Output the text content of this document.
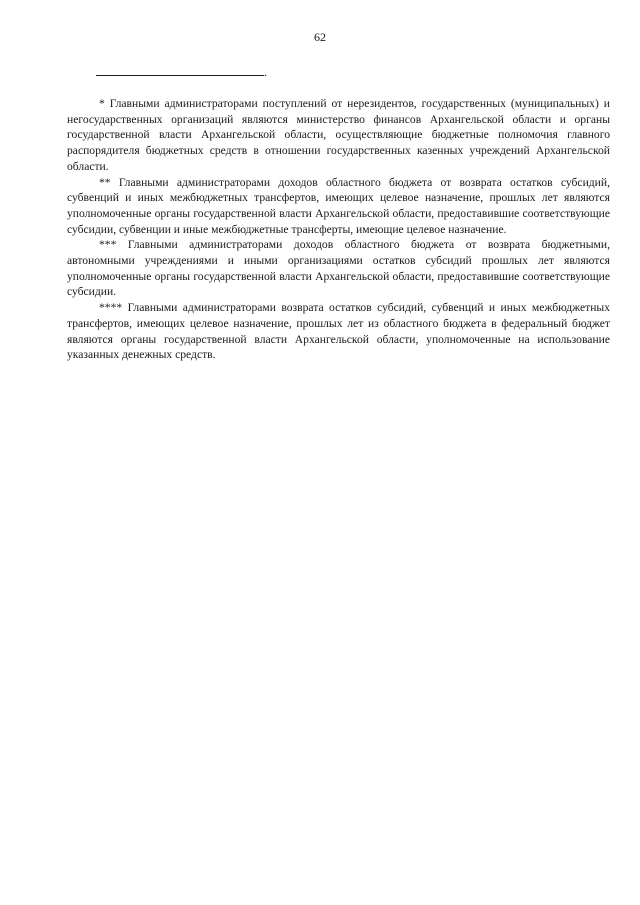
62
.

* Главными администраторами поступлений от нерезидентов, государственных (муниципальных) и негосударственных организаций являются министерство финансов Архангельской области и органы государственной власти Архангельской области, осуществляющие бюджетные полномочия главного распорядителя бюджетных средств в отношении государственных казенных учреждений Архангельской области.

** Главными администраторами доходов областного бюджета от возврата остатков субсидий, субвенций и иных межбюджетных трансфертов, имеющих целевое назначение, прошлых лет являются уполномоченные органы государственной власти Архангельской области, предоставившие соответствующие субсидии, субвенции и иные межбюджетные трансферты, имеющие целевое назначение.

*** Главными администраторами доходов областного бюджета от возврата бюджетными, автономными учреждениями и иными организациями остатков субсидий прошлых лет являются уполномоченные органы государственной власти Архангельской области, предоставившие соответствующие субсидии.

**** Главными администраторами возврата остатков субсидий, субвенций и иных межбюджетных трансфертов, имеющих целевое назначение, прошлых лет из областного бюджета в федеральный бюджет являются органы государственной власти Архангельской области, уполномоченные на использование указанных денежных средств.
